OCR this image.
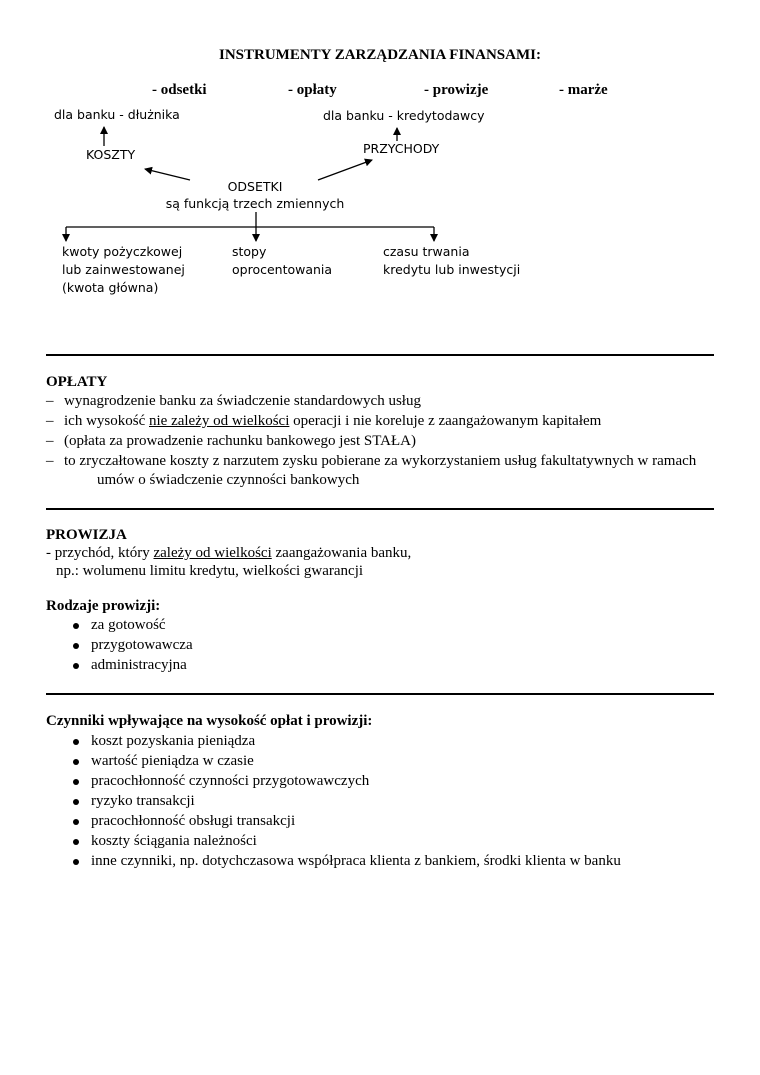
INSTRUMENTY ZARZĄDZANIA FINANSAMI:
- odsetki	- opłaty	- prowizje	- marże
dla banku - dłużnika	dla banku - kredytodawcy
KOSZTY	PRZYCHODY
ODSETKI
są funkcją trzech zmiennych
kwoty pożyczkowej
lub zainwestowanej
(kwota główna)
stopy
oprocentowania
czasu trwania
kredytu lub inwestycji
OPŁATY
– wynagrodzenie banku za świadczenie standardowych usług
– ich wysokość nie zależy od wielkości operacji i nie koreluje z zaangażowanym kapitałem
– (opłata za prowadzenie rachunku bankowego jest STAŁA)
– to zryczałtowane koszty z narzutem zysku pobierane za wykorzystaniem usług fakultatywnych w ramach
umów o świadczenie czynności bankowych
PROWIZJA
- przychód, który zależy od wielkości zaangażowania banku,
np.: wolumenu limitu kredytu, wielkości gwarancji
Rodzaje prowizji:
za gotowość
przygotowawcza
administracyjna
Czynniki wpływające na wysokość opłat i prowizji:
koszt pozyskania pieniądza
wartość pieniądza w czasie
pracochłonność czynności przygotowawczych
ryzyko transakcji
pracochłonność obsługi transakcji
koszty ściągania należności
inne czynniki, np. dotychczasowa współpraca klienta z bankiem, środki klienta w banku
